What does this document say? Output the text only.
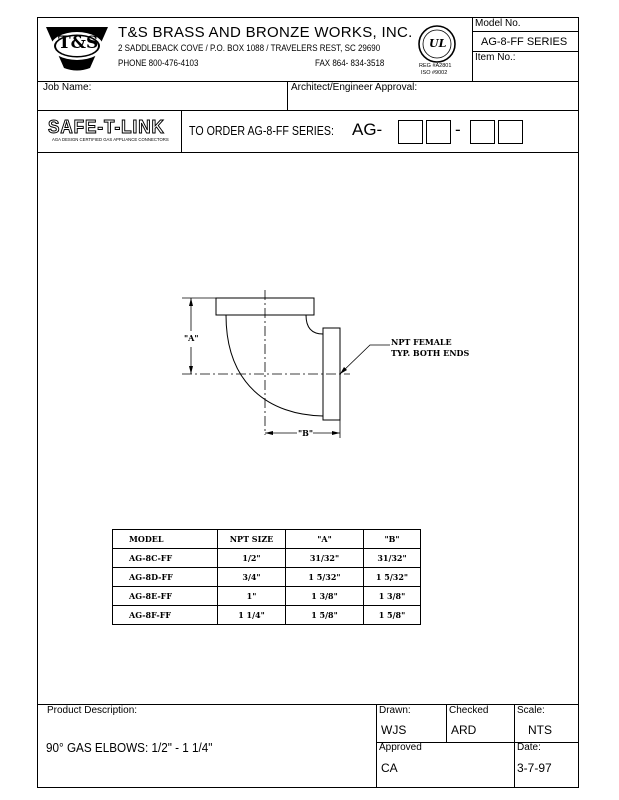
T&S
T&S BRASS AND BRONZE WORKS, INC.
2 SADDLEBACK COVE / P.O. BOX 1088 / TRAVELERS REST, SC 29690
PHONE 800-476-4103	FAX 864- 834-3518
UL
REG #A2801
ISO #9002
Model No.
AG-8-FF SERIES
Item No.:
Job Name:	Architect/Engineer Approval:
SAFE-T-LINK
AGA DESIGN CERTIFIED GAS APPLIANCE CONNECTORS
TO ORDER AG-8-FF SERIES: AG-	-
"A"
"B"
NPT FEMALE
TYP. BOTH ENDS
MODEL	NPT SIZE	"A"	"B"
AG-8C-FF	1/2"	31/32"	31/32"
AG-8D-FF	3/4"	1 5/32"	1 5/32"
AG-8E-FF	1"	1 3/8"	1 3/8"
AG-8F-FF	1 1/4"	1 5/8"	1 5/8"
Product Description:
90° GAS ELBOWS: 1/2" - 1 1/4"
Drawn:
WJS
Checked
ARD
Scale:
NTS
Approved
CA
Date:
3-7-97
